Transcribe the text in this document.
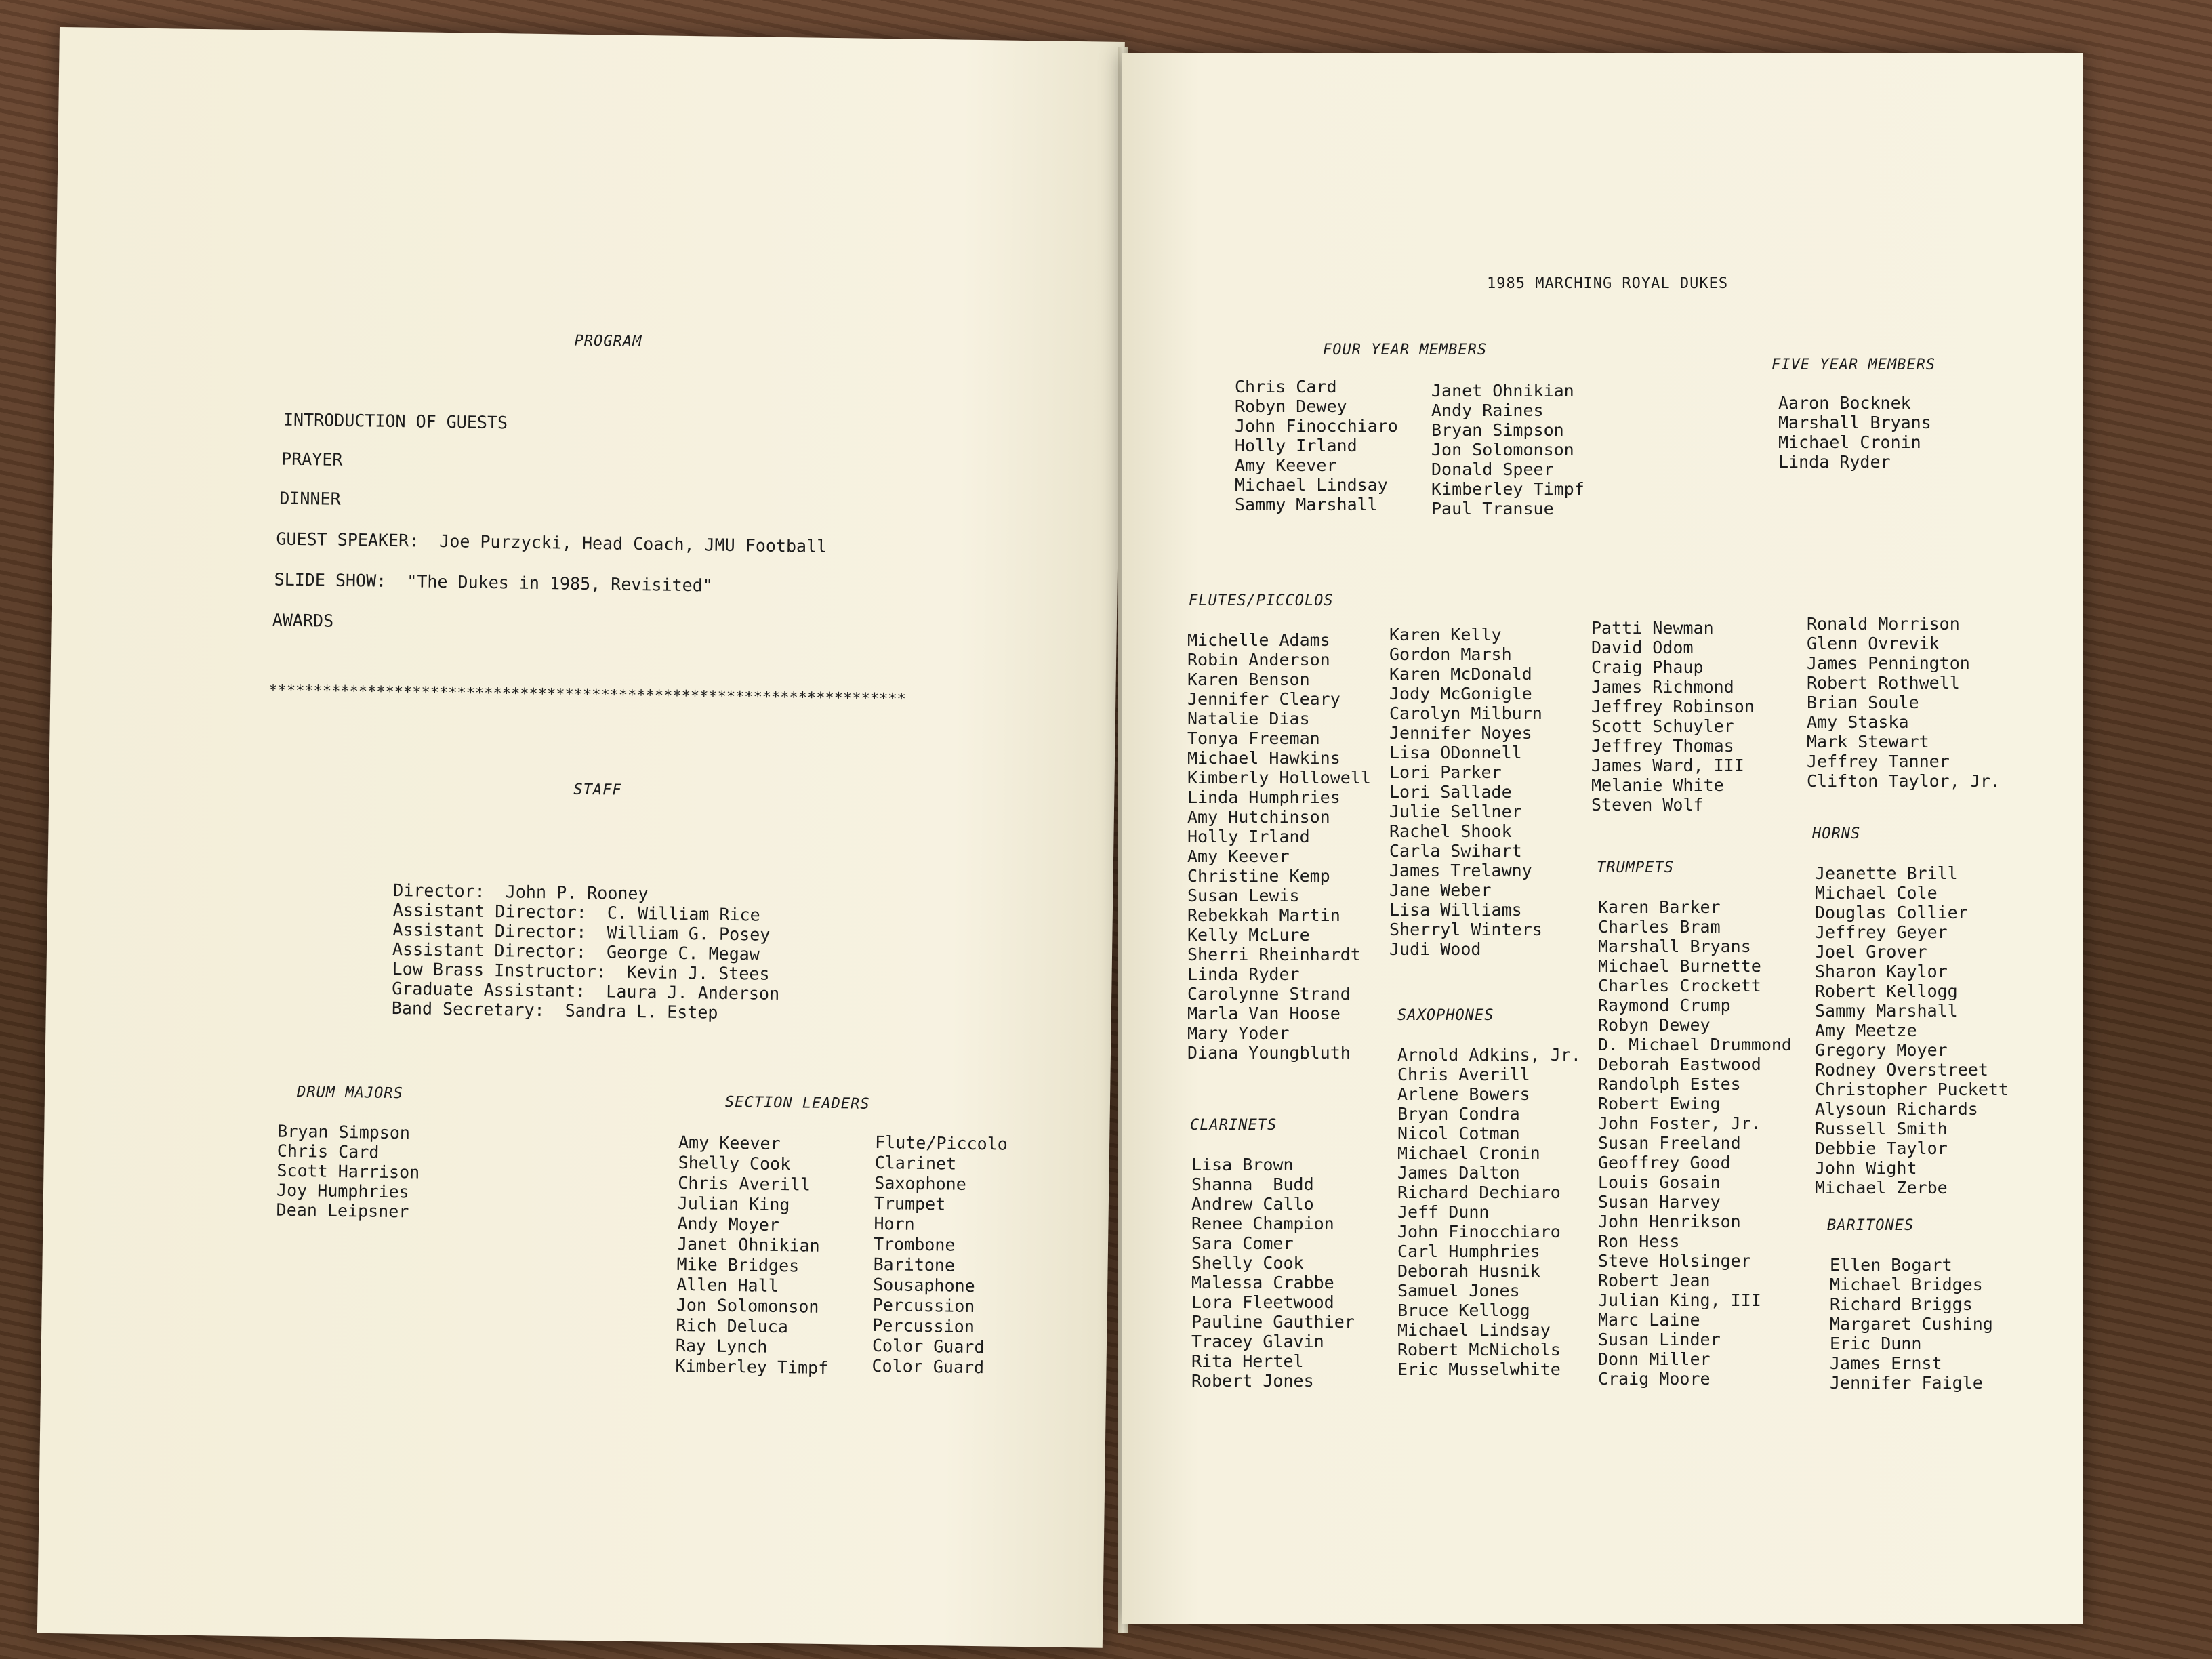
PROGRAM
INTRODUCTION OF GUESTS
PRAYER
DINNER
GUEST SPEAKER:  Joe Purzycki, Head Coach, JMU Football
SLIDE SHOW:  "The Dukes in 1985, Revisited"
AWARDS
***********************************************************************
STAFF
Director:  John P. Rooney
Assistant Director:  C. William Rice
Assistant Director:  William G. Posey
Assistant Director:  George C. Megaw
Low Brass Instructor:  Kevin J. Stees
Graduate Assistant:  Laura J. Anderson
Band Secretary:  Sandra L. Estep
DRUM MAJORS
Bryan Simpson
Chris Card
Scott Harrison
Joy Humphries
Dean Leipsner
SECTION LEADERS
Amy Keever
Shelly Cook
Chris Averill
Julian King
Andy Moyer
Janet Ohnikian
Mike Bridges
Allen Hall
Jon Solomonson
Rich Deluca
Ray Lynch
Kimberley Timpf
Flute/Piccolo
Clarinet
Saxophone
Trumpet
Horn
Trombone
Baritone
Sousaphone
Percussion
Percussion
Color Guard
Color Guard
1985 MARCHING ROYAL DUKES
FOUR YEAR MEMBERS
Chris Card
Robyn Dewey
John Finocchiaro
Holly Irland
Amy Keever
Michael Lindsay
Sammy Marshall
Janet Ohnikian
Andy Raines
Bryan Simpson
Jon Solomonson
Donald Speer
Kimberley Timpf
Paul Transue
FIVE YEAR MEMBERS
Aaron Bocknek
Marshall Bryans
Michael Cronin
Linda Ryder
FLUTES/PICCOLOS
Michelle Adams
Robin Anderson
Karen Benson
Jennifer Cleary
Natalie Dias
Tonya Freeman
Michael Hawkins
Kimberly Hollowell
Linda Humphries
Amy Hutchinson
Holly Irland
Amy Keever
Christine Kemp
Susan Lewis
Rebekkah Martin
Kelly McLure
Sherri Rheinhardt
Linda Ryder
Carolynne Strand
Marla Van Hoose
Mary Yoder
Diana Youngbluth
Karen Kelly
Gordon Marsh
Karen McDonald
Jody McGonigle
Carolyn Milburn
Jennifer Noyes
Lisa ODonnell
Lori Parker
Lori Sallade
Julie Sellner
Rachel Shook
Carla Swihart
James Trelawny
Jane Weber
Lisa Williams
Sherryl Winters
Judi Wood
Patti Newman
David Odom
Craig Phaup
James Richmond
Jeffrey Robinson
Scott Schuyler
Jeffrey Thomas
James Ward, III
Melanie White
Steven Wolf
Ronald Morrison
Glenn Ovrevik
James Pennington
Robert Rothwell
Brian Soule
Amy Staska
Mark Stewart
Jeffrey Tanner
Clifton Taylor, Jr.
CLARINETS
Lisa Brown
Shanna  Budd
Andrew Callo
Renee Champion
Sara Comer
Shelly Cook
Malessa Crabbe
Lora Fleetwood
Pauline Gauthier
Tracey Glavin
Rita Hertel
Robert Jones
SAXOPHONES
Arnold Adkins, Jr.
Chris Averill
Arlene Bowers
Bryan Condra
Nicol Cotman
Michael Cronin
James Dalton
Richard Dechiaro
Jeff Dunn
John Finocchiaro
Carl Humphries
Deborah Husnik
Samuel Jones
Bruce Kellogg
Michael Lindsay
Robert McNichols
Eric Musselwhite
TRUMPETS
Karen Barker
Charles Bram
Marshall Bryans
Michael Burnette
Charles Crockett
Raymond Crump
Robyn Dewey
D. Michael Drummond
Deborah Eastwood
Randolph Estes
Robert Ewing
John Foster, Jr.
Susan Freeland
Geoffrey Good
Louis Gosain
Susan Harvey
John Henrikson
Ron Hess
Steve Holsinger
Robert Jean
Julian King, III
Marc Laine
Susan Linder
Donn Miller
Craig Moore
HORNS
Jeanette Brill
Michael Cole
Douglas Collier
Jeffrey Geyer
Joel Grover
Sharon Kaylor
Robert Kellogg
Sammy Marshall
Amy Meetze
Gregory Moyer
Rodney Overstreet
Christopher Puckett
Alysoun Richards
Russell Smith
Debbie Taylor
John Wight
Michael Zerbe
BARITONES
Ellen Bogart
Michael Bridges
Richard Briggs
Margaret Cushing
Eric Dunn
James Ernst
Jennifer Faigle
